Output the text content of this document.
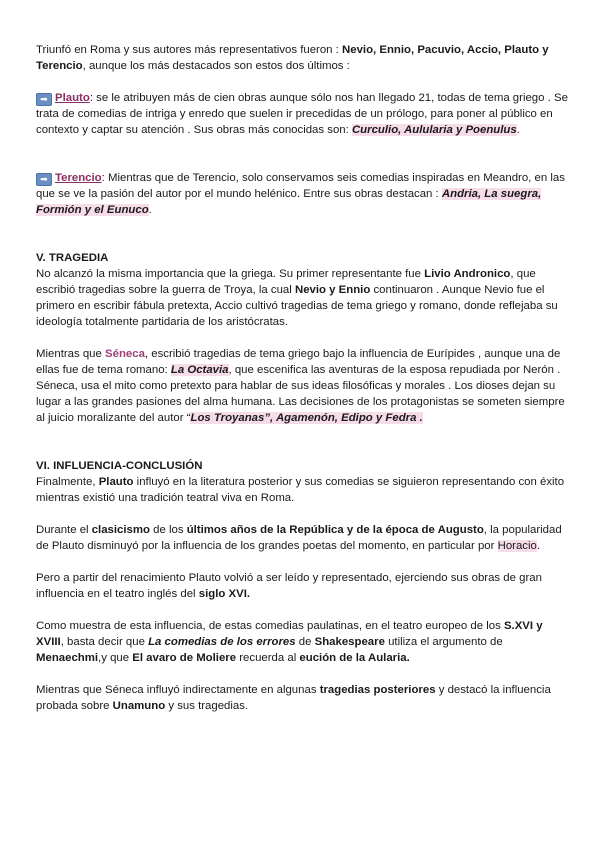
Triunfó en Roma y sus autores más representativos fueron : Nevio, Ennio, Pacuvio, Accio, Plauto y Terencio, aunque los más destacados son estos dos últimos :

➡ Plauto: se le atribuyen más de cien obras aunque sólo nos han llegado 21, todas de tema griego . Se trata de comedias de intriga y enredo que suelen ir precedidas de un prólogo, para poner al público en contexto y captar su atención . Sus obras más conocidas son: Curculio, Aulularia y Poenulus.

➡ Terencio: Mientras que de Terencio, solo conservamos seis comedias inspiradas en Meandro, en las que se ve la pasión del autor por el mundo helénico. Entre sus obras destacan : Andria, La suegra, Formión y el Eunuco.

V. TRAGEDIA

No alcanzó la misma importancia que la griega. Su primer representante fue Livio Andronico, que escribió tragedias sobre la guerra de Troya, la cual Nevio y Ennio continuaron . Aunque Nevio fue el primero en escribir fábula pretexta, Accio cultivó tragedias de tema griego y romano, donde reflejaba su ideología totalmente partidaria de los aristócratas.

Mientras que Séneca, escribió tragedias de tema griego bajo la influencia de Eurípides , aunque una de ellas fue de tema romano: La Octavia, que escenifica las aventuras de la esposa repudiada por Nerón .

Séneca, usa el mito como pretexto para hablar de sus ideas filosóficas y morales . Los dioses dejan su lugar a las grandes pasiones del alma humana. Las decisiones de los protagonistas se someten siempre al juicio moralizante del autor “Los Troyanas”, Agamenón, Edipo y Fedra .

VI. INFLUENCIA-CONCLUSIÓN

Finalmente, Plauto influyó en la literatura posterior y sus comedias se siguieron representando con éxito mientras existió una tradición teatral viva en Roma.

Durante el clasicismo de los últimos años de la República y de la época de Augusto, la popularidad de Plauto disminuyó por la influencia de los grandes poetas del momento, en particular por Horacio.

Pero a partir del renacimiento Plauto volvió a ser leído y representado, ejerciendo sus obras de gran influencia en el teatro inglés del siglo XVI.

Como muestra de esta influencia, de estas comedias paulatinas, en el teatro europeo de los S.XVI y XVIII, basta decir que La comedias de los errores de Shakespeare utiliza el argumento de Menaechmi,y que El avaro de Moliere recuerda al eución de la Aularia.

Mientras que Séneca influyó indirectamente en algunas tragedias posteriores y destacó la influencia probada sobre Unamuno y sus tragedias.
